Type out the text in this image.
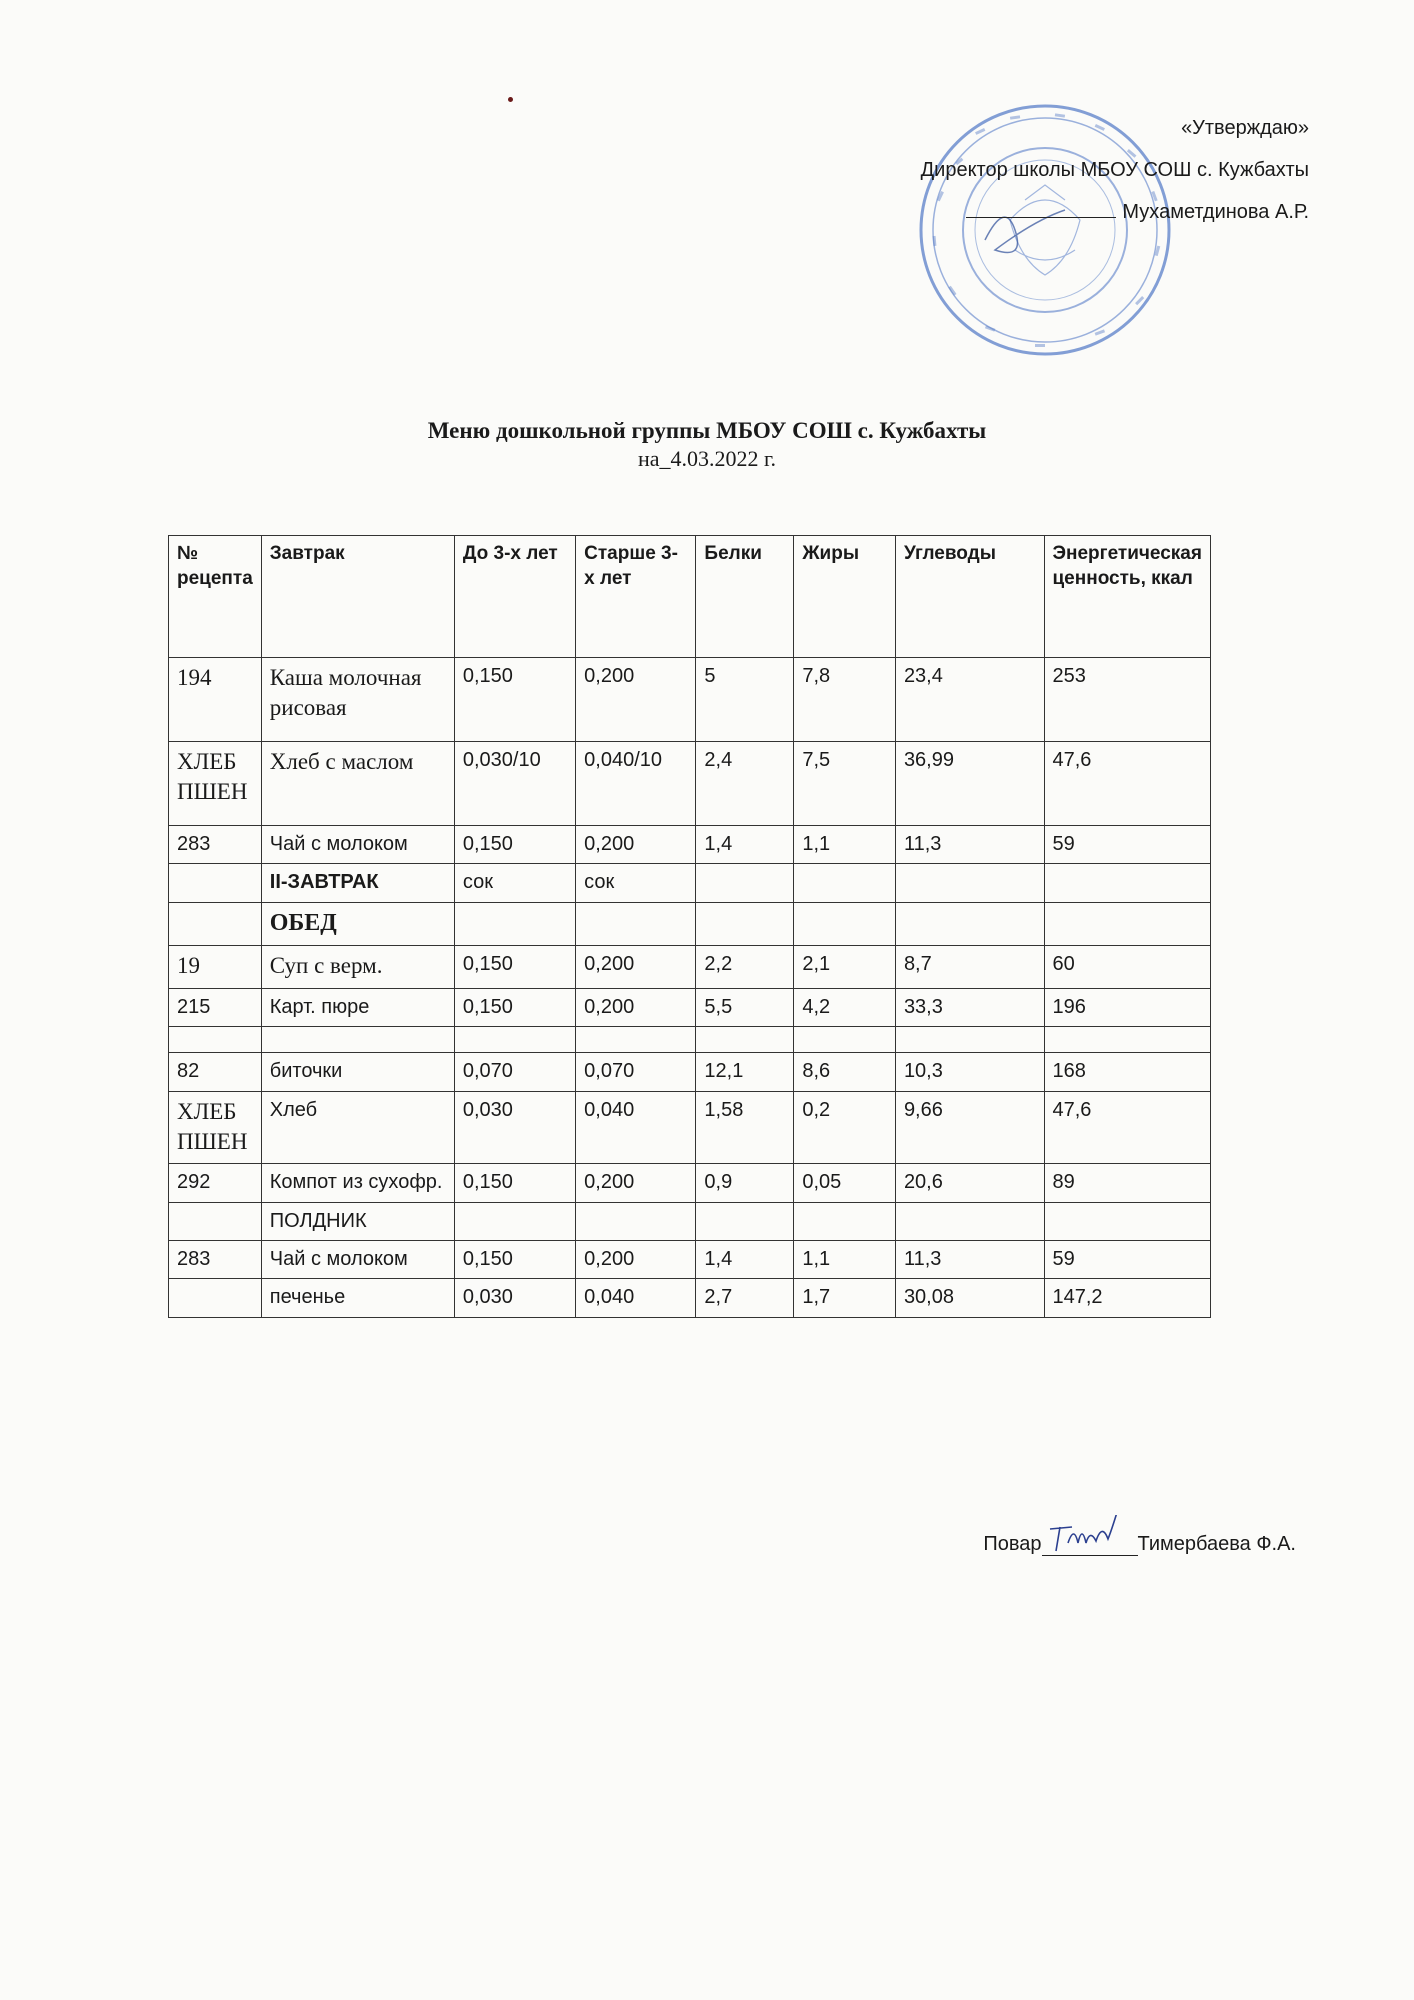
«Утверждаю»
Директор школы МБОУ СОШ с. Кужбахты
Мухаметдинова А.Р.
Меню дошкольной группы МБОУ СОШ с. Кужбахты
на_4.03.2022 г.
№ рецепта	Завтрак	До 3-х лет	Старше 3-х лет	Белки	Жиры	Углеводы	Энергетическая ценность, ккал
194	Каша молочная рисовая	0,150	0,200	5	7,8	23,4	253
ХЛЕБПШЕН	Хлеб с маслом	0,030/10	0,040/10	2,4	7,5	36,99	47,6
283	Чай с молоком	0,150	0,200	1,4	1,1	11,3	59
	II-ЗАВТРАК	сок	сок				
	ОБЕД						
19	Суп с верм.	0,150	0,200	2,2	2,1	8,7	60
215	Карт. пюре	0,150	0,200	5,5	4,2	33,3	196

82	биточки	0,070	0,070	12,1	8,6	10,3	168
ХЛЕБПШЕН	Хлеб	0,030	0,040	1,58	0,2	9,66	47,6
292	Компот из сухофр.	0,150	0,200	0,9	0,05	20,6	89
	ПОЛДНИК						
283	Чай с молоком	0,150	0,200	1,4	1,1	11,3	59
	печенье	0,030	0,040	2,7	1,7	30,08	147,2
Повар	Тимербаева Ф.А.
